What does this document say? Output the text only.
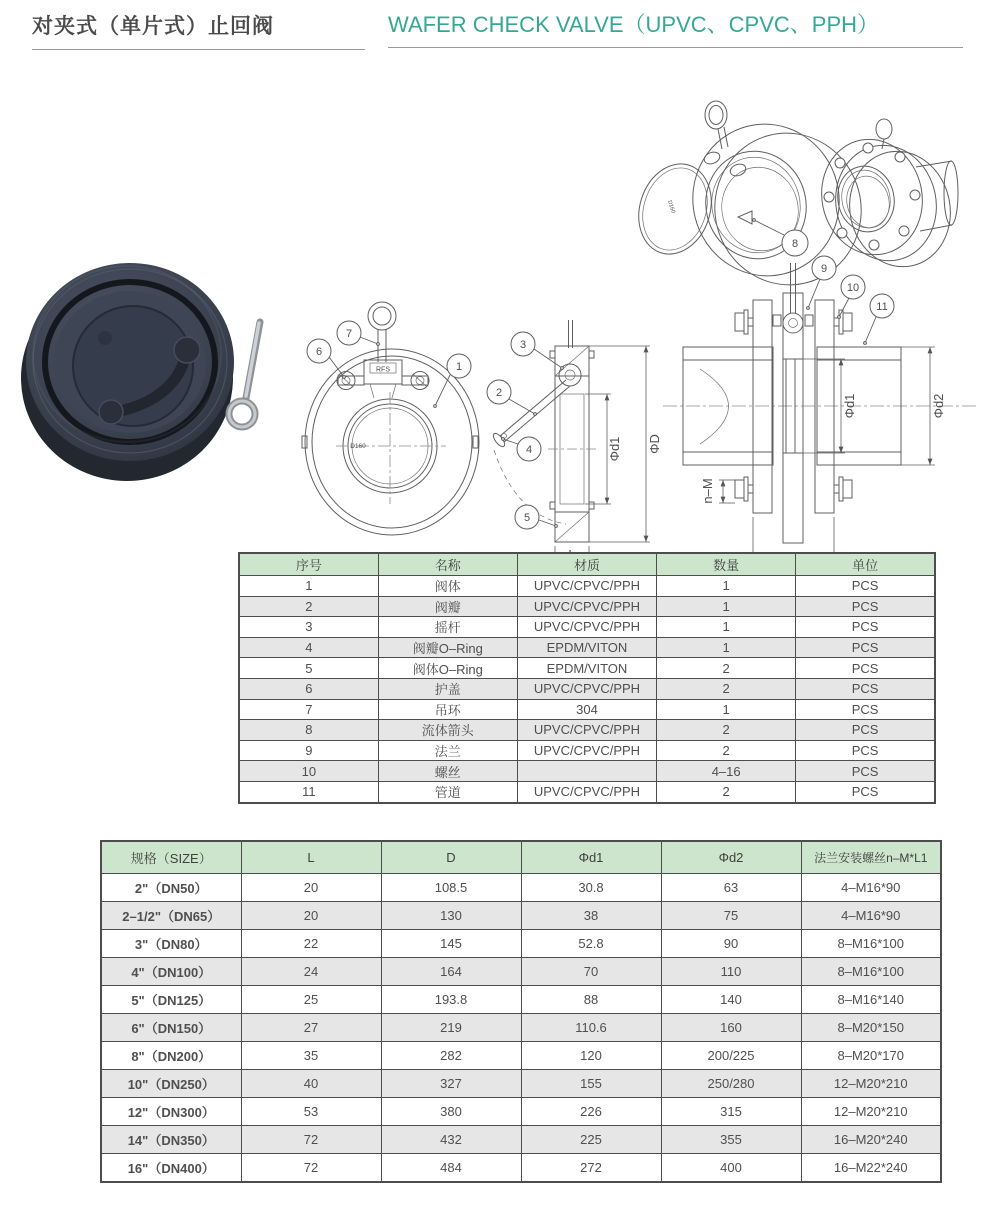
对夹式（单片式）止回阀	WAFER CHECK VALVE（UPVC、CPVC、PPH）
RFS
D160
7
6
1
Φd1 ΦD
3
2
4
5
D160
8
Φd1	Φd2
n–M
9
10
11
序号	名称	材质	数量	单位
1	阀体	UPVC/CPVC/PPH	1	PCS
2	阀瓣	UPVC/CPVC/PPH	1	PCS
3	摇杆	UPVC/CPVC/PPH	1	PCS
4	阀瓣O–Ring	EPDM/VITON	1	PCS
5	阀体O–Ring	EPDM/VITON	2	PCS
6	护盖	UPVC/CPVC/PPH	2	PCS
7	吊环	304	1	PCS
8	流体箭头	UPVC/CPVC/PPH	2	PCS
9	法兰	UPVC/CPVC/PPH	2	PCS
10	螺丝		4–16	PCS
11	管道	UPVC/CPVC/PPH	2	PCS
规格（SIZE）	L	D	Φd1	Φd2	法兰安装螺丝n–M*L1
2"（DN50）	20	108.5	30.8	63	4–M16*90
2–1/2"（DN65）	20	130	38	75	4–M16*90
3"（DN80）	22	145	52.8	90	8–M16*100
4"（DN100）	24	164	70	110	8–M16*100
5"（DN125）	25	193.8	88	140	8–M16*140
6"（DN150）	27	219	110.6	160	8–M20*150
8"（DN200）	35	282	120	200/225	8–M20*170
10"（DN250）	40	327	155	250/280	12–M20*210
12"（DN300）	53	380	226	315	12–M20*210
14"（DN350）	72	432	225	355	16–M20*240
16"（DN400）	72	484	272	400	16–M22*240
